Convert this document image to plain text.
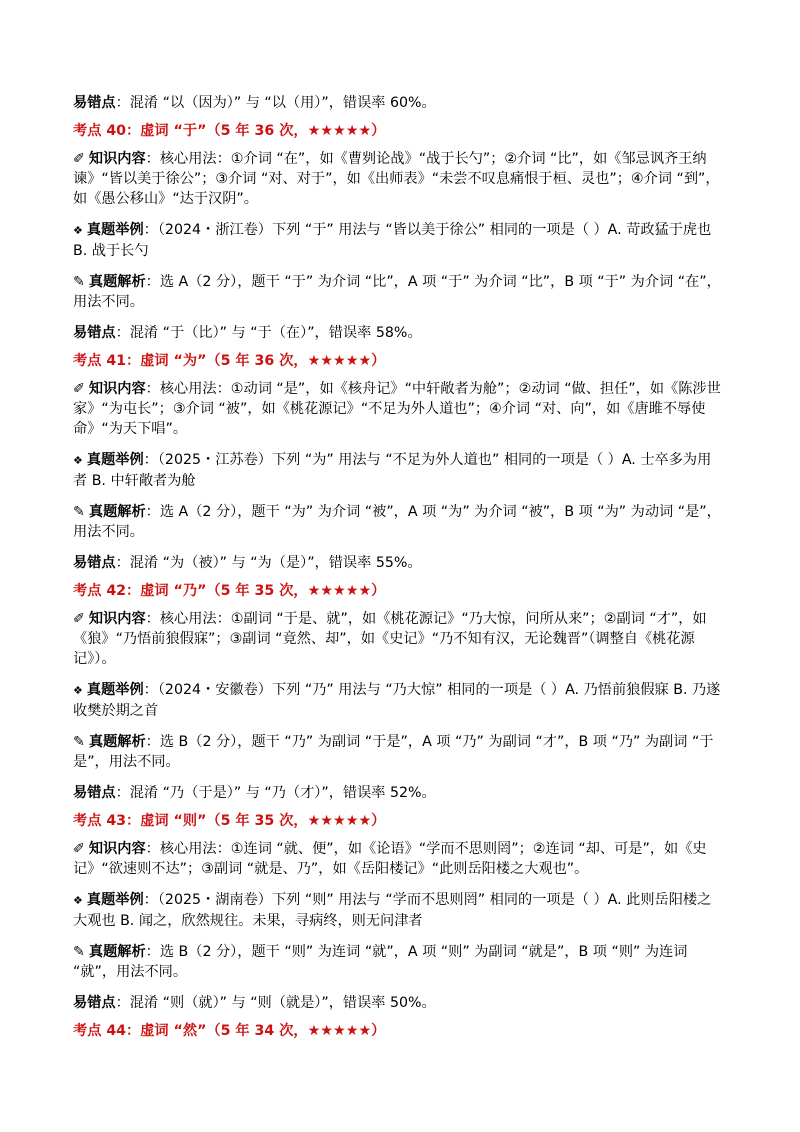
易错点：混淆 “以（因为）” 与 “以（用）”，错误率 60%。

考点 40：虚词 “于”（5 年 36 次，★★★★★）

✐ 知识内容：核心用法：①介词 “在”，如《曹刿论战》“战于长勺”；②介词 “比”，如《邹忌讽齐王纳谏》“皆以美于徐公”；③介词 “对、对于”，如《出师表》“未尝不叹息痛恨于桓、灵也”；④介词 “到”，如《愚公移山》“达于汉阴”。

❖ 真题举例：（2024・浙江卷）下列 “于” 用法与 “皆以美于徐公” 相同的一项是（ ）A. 苛政猛于虎也 B. 战于长勺

✎ 真题解析：选 A（2 分），题干 “于” 为介词 “比”，A 项 “于” 为介词 “比”，B 项 “于” 为介词 “在”，用法不同。

易错点：混淆 “于（比）” 与 “于（在）”，错误率 58%。

考点 41：虚词 “为”（5 年 36 次，★★★★★）

✐ 知识内容：核心用法：①动词 “是”，如《核舟记》“中轩敞者为舱”；②动词 “做、担任”，如《陈涉世家》“为屯长”；③介词 “被”，如《桃花源记》“不足为外人道也”；④介词 “对、向”，如《唐雎不辱使命》“为天下唱”。

❖ 真题举例：（2025・江苏卷）下列 “为” 用法与 “不足为外人道也” 相同的一项是（ ）A. 士卒多为用者 B. 中轩敞者为舱

✎ 真题解析：选 A（2 分），题干 “为” 为介词 “被”，A 项 “为” 为介词 “被”，B 项 “为” 为动词 “是”，用法不同。

易错点：混淆 “为（被）” 与 “为（是）”，错误率 55%。

考点 42：虚词 “乃”（5 年 35 次，★★★★★）

✐ 知识内容：核心用法：①副词 “于是、就”，如《桃花源记》“乃大惊，问所从来”；②副词 “才”，如《狼》“乃悟前狼假寐”；③副词 “竟然、却”，如《史记》“乃不知有汉，无论魏晋”（调整自《桃花源记》）。

❖ 真题举例：（2024・安徽卷）下列 “乃” 用法与 “乃大惊” 相同的一项是（ ）A. 乃悟前狼假寐 B. 乃遂收樊於期之首

✎ 真题解析：选 B（2 分），题干 “乃” 为副词 “于是”，A 项 “乃” 为副词 “才”，B 项 “乃” 为副词 “于是”，用法不同。

易错点：混淆 “乃（于是）” 与 “乃（才）”，错误率 52%。

考点 43：虚词 “则”（5 年 35 次，★★★★★）

✐ 知识内容：核心用法：①连词 “就、便”，如《论语》“学而不思则罔”；②连词 “却、可是”，如《史记》“欲速则不达”；③副词 “就是、乃”，如《岳阳楼记》“此则岳阳楼之大观也”。

❖ 真题举例：（2025・湖南卷）下列 “则” 用法与 “学而不思则罔” 相同的一项是（ ）A. 此则岳阳楼之大观也 B. 闻之，欣然规往。未果，寻病终，则无问津者

✎ 真题解析：选 B（2 分），题干 “则” 为连词 “就”，A 项 “则” 为副词 “就是”，B 项 “则” 为连词 “就”，用法不同。

易错点：混淆 “则（就）” 与 “则（就是）”，错误率 50%。

考点 44：虚词 “然”（5 年 34 次，★★★★★）
